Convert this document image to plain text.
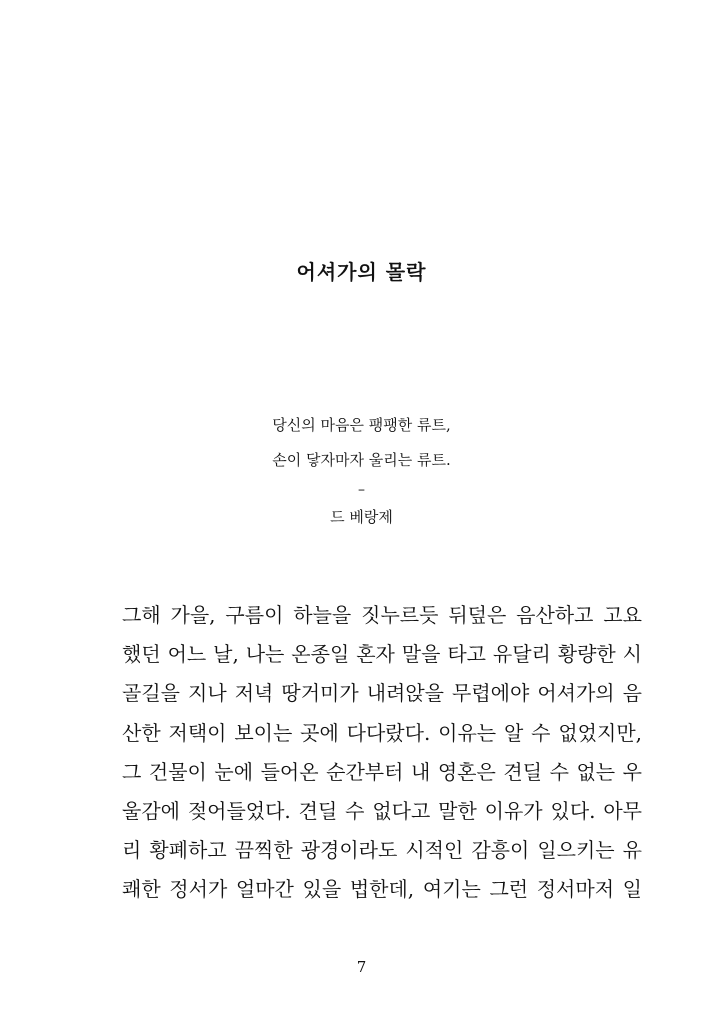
어셔가의 몰락
당신의 마음은 팽팽한 류트,
손이 닿자마자 울리는 류트.
–
드 베랑제
그해 가을, 구름이 하늘을 짓누르듯 뒤덮은 음산하고 고요
했던 어느 날, 나는 온종일 혼자 말을 타고 유달리 황량한 시
골길을 지나 저녁 땅거미가 내려앉을 무렵에야 어셔가의 음
산한 저택이 보이는 곳에 다다랐다. 이유는 알 수 없었지만,
그 건물이 눈에 들어온 순간부터 내 영혼은 견딜 수 없는 우
울감에 젖어들었다. 견딜 수 없다고 말한 이유가 있다. 아무
리 황폐하고 끔찍한 광경이라도 시적인 감흥이 일으키는 유
쾌한 정서가 얼마간 있을 법한데, 여기는 그런 정서마저 일
7
